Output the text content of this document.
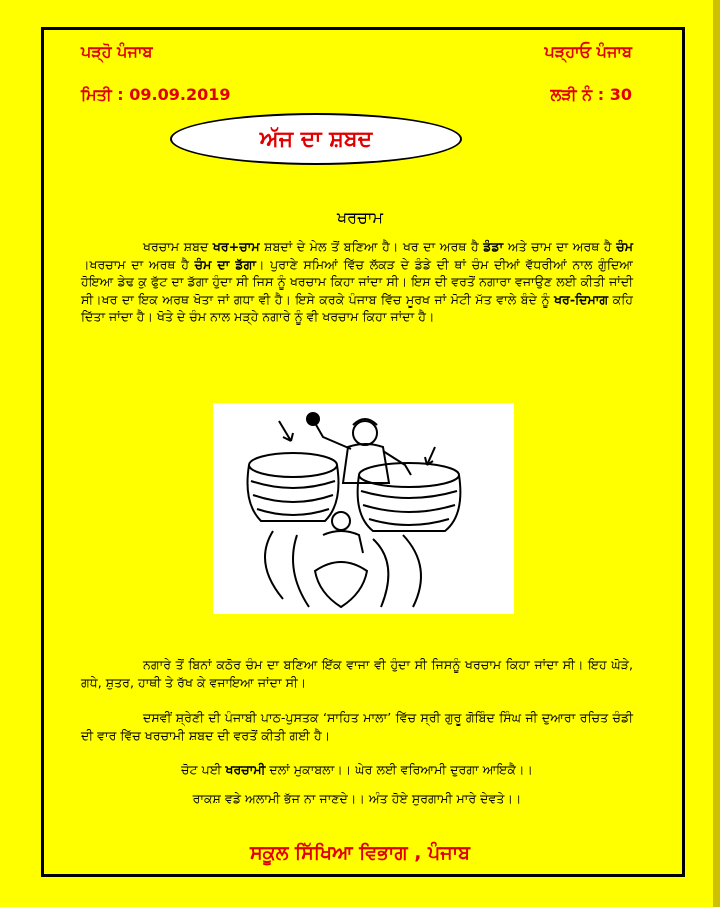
ਪੜ੍ਹੋ ਪੰਜਾਬ	ਪੜ੍ਹਾਓ ਪੰਜਾਬ
ਮਿਤੀ : 09.09.2019	ਲੜੀ ਨੰ : 30
ਅੱਜ ਦਾ ਸ਼ਬਦ
ਖਰਚਾਮ
ਖਰਚਾਮ ਸ਼ਬਦ ਖਰ+ਚਾਮ ਸ਼ਬਦਾਂ ਦੇ ਮੇਲ ਤੋਂ ਬਣਿਆ ਹੈ। ਖਰ ਦਾ ਅਰਥ ਹੈ ਡੰਡਾ ਅਤੇ ਚਾਮ ਦਾ ਅਰਥ ਹੈ ਚੰਮ ।ਖਰਚਾਮ ਦਾ ਅਰਥ ਹੈ ਚੰਮ ਦਾ ਡੱਗਾ। ਪੁਰਾਣੇ ਸਮਿਆਂ ਵਿੱਚ ਲੱਕੜ ਦੇ ਡੰਡੇ ਦੀ ਥਾਂ ਚੰਮ ਦੀਆਂ ਵੱਧਰੀਆਂ ਨਾਲ ਗੁੰਦਿਆ ਹੋਇਆ ਡੇਢ ਕੁ ਫੁੱਟ ਦਾ ਡੱਗਾ ਹੁੰਦਾ ਸੀ ਜਿਸ ਨੂੰ ਖਰਚਾਮ ਕਿਹਾ ਜਾਂਦਾ ਸੀ। ਇਸ ਦੀ ਵਰਤੋਂ ਨਗਾਰਾ ਵਜਾਉਣ ਲਈ ਕੀਤੀ ਜਾਂਦੀ ਸੀ।ਖਰ ਦਾ ਇਕ ਅਰਥ ਖੋਤਾ ਜਾਂ ਗਧਾ ਵੀ ਹੈ। ਇਸੇ ਕਰਕੇ ਪੰਜਾਬ ਵਿੱਚ ਮੂਰਖ ਜਾਂ ਮੋਟੀ ਮੱਤ ਵਾਲੇ ਬੰਦੇ ਨੂੰ ਖਰ-ਦਿਮਾਗ ਕਹਿ ਦਿੱਤਾ ਜਾਂਦਾ ਹੈ। ਖੋਤੇ ਦੇ ਚੰਮ ਨਾਲ ਮੜ੍ਹੇ ਨਗਾਰੇ ਨੂੰ ਵੀ ਖਰਚਾਮ ਕਿਹਾ ਜਾਂਦਾ ਹੈ।
ਨਗਾਰੇ ਤੋਂ ਬਿਨਾਂ ਕਠੋਰ ਚੰਮ ਦਾ ਬਣਿਆ ਇੱਕ ਵਾਜਾ ਵੀ ਹੁੰਦਾ ਸੀ ਜਿਸਨੂੰ ਖਰਚਾਮ ਕਿਹਾ ਜਾਂਦਾ ਸੀ। ਇਹ ਘੋੜੇ, ਗਧੇ, ਸ਼ੁਤਰ, ਹਾਥੀ ਤੇ ਰੱਖ ਕੇ ਵਜਾਇਆ ਜਾਂਦਾ ਸੀ।
ਦਸਵੀਂ ਸ਼੍ਰੇਣੀ ਦੀ ਪੰਜਾਬੀ ਪਾਠ-ਪੁਸਤਕ ‘ਸਾਹਿਤ ਮਾਲਾ’ ਵਿੱਚ ਸ੍ਰੀ ਗੁਰੂ ਗੋਬਿੰਦ ਸਿੰਘ ਜੀ ਦੁਆਰਾ ਰਚਿਤ ਚੰਡੀ ਦੀ ਵਾਰ ਵਿੱਚ ਖਰਚਾਮੀ ਸ਼ਬਦ ਦੀ ਵਰਤੋਂ ਕੀਤੀ ਗਈ ਹੈ।
ਚੋਟ ਪਈ ਖਰਚਾਮੀ ਦਲਾਂ ਮੁਕਾਬਲਾ।। ਘੇਰ ਲਈ ਵਰਿਆਮੀ ਦੁਰਗਾ ਆਇਕੈ।।
ਰਾਕਸ਼ ਵਡੇ ਅਲਾਮੀ ਭੱਜ ਨਾ ਜਾਣਦੇ।। ਅੰਤ ਹੋਏ ਸੁਰਗਾਮੀ ਮਾਰੇ ਦੇਵਤੇ।।
ਸਕੂਲ ਸਿੱਖਿਆ ਵਿਭਾਗ , ਪੰਜਾਬ
